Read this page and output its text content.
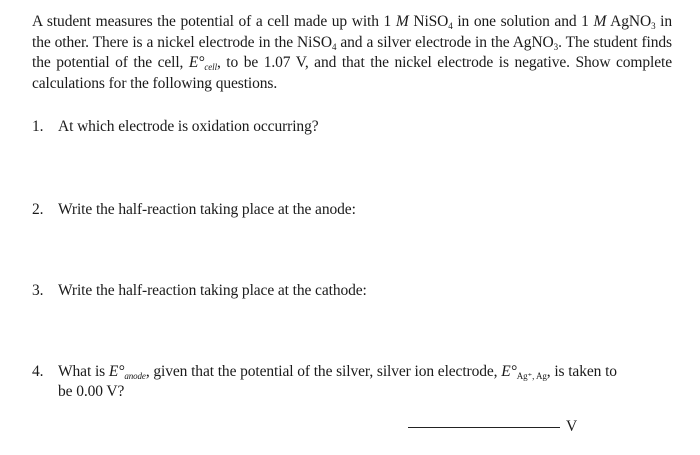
A student measures the potential of a cell made up with 1 M NiSO$_4$ in one solution and 1 M AgNO$_3$ in the other. There is a nickel electrode in the NiSO$_4$ and a silver electrode in the AgNO$_3$. The student finds the potential of the cell, $E^\circ_{cell}$, to be 1.07 V, and that the nickel electrode is negative. Show complete calculations for the following questions.

1. At which electrode is oxidation occurring?
2. Write the half-reaction taking place at the anode:
3. Write the half-reaction taking place at the cathode:
4. What is $E^\circ_{anode}$, given that the potential of the silver, silver ion electrode, $E^\circ_{Ag^+, Ag}$, is taken to
be 0.00 V?
V
